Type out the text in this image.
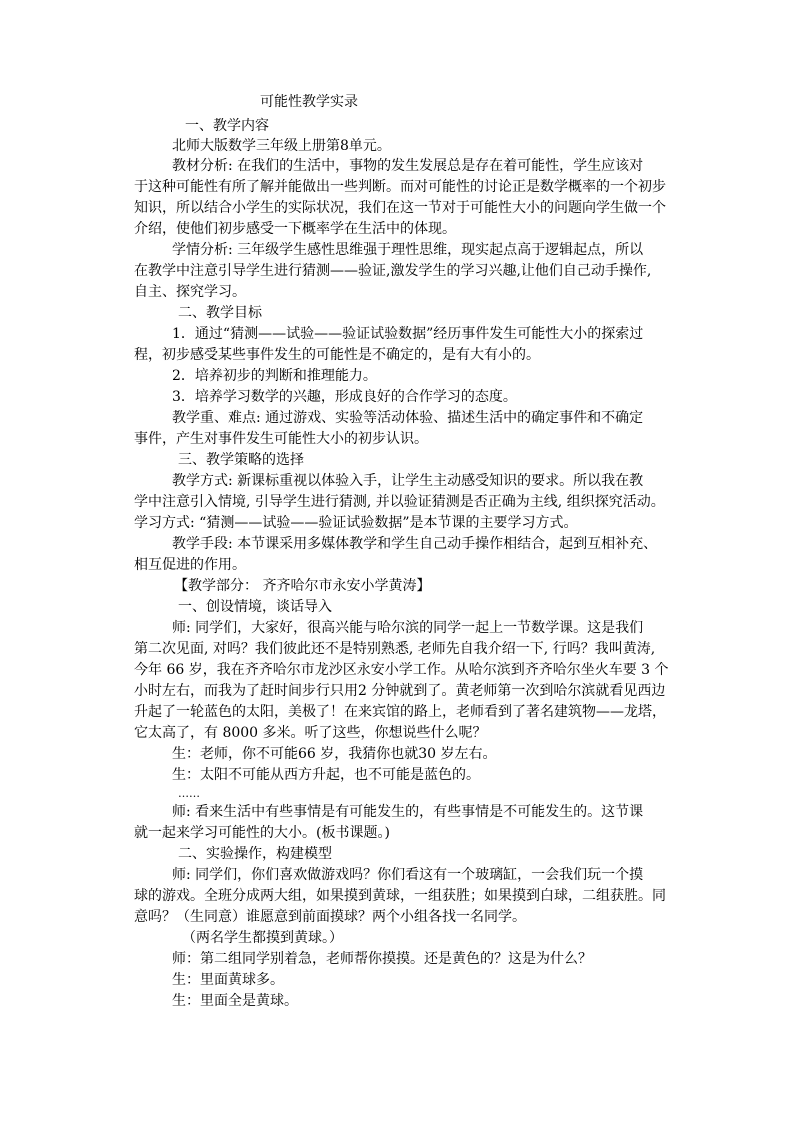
可能性教学实录
一、教学内容
北师大版数学三年级上册第8单元。
教材分析: 在我们的生活中，事物的发生发展总是存在着可能性，学生应该对
于这种可能性有所了解并能做出一些判断。而对可能性的讨论正是数学概率的一个初步
知识，所以结合小学生的实际状况，我们在这一节对于可能性大小的问题向学生做一个
介绍，使他们初步感受一下概率学在生活中的体现。
学情分析: 三年级学生感性思维强于理性思维，现实起点高于逻辑起点，所以
在教学中注意引导学生进行猜测——验证,激发学生的学习兴趣,让他们自己动手操作,
自主、探究学习。
二、教学目标
1．通过“猜测——试验——验证试验数据”经历事件发生可能性大小的探索过
程，初步感受某些事件发生的可能性是不确定的，是有大有小的。
2．培养初步的判断和推理能力。
3．培养学习数学的兴趣，形成良好的合作学习的态度。
教学重、难点: 通过游戏、实验等活动体验、描述生活中的确定事件和不确定
事件，产生对事件发生可能性大小的初步认识。
三、教学策略的选择
教学方式: 新课标重视以体验入手，让学生主动感受知识的要求。所以我在教
学中注意引入情境, 引导学生进行猜测, 并以验证猜测是否正确为主线, 组织探究活动。
学习方式: “猜测——试验——验证试验数据”是本节课的主要学习方式。
教学手段: 本节课采用多媒体教学和学生自己动手操作相结合，起到互相补充、
相互促进的作用。
【教学部分： 齐齐哈尔市永安小学黄涛】
一、创设情境，谈话导入
师: 同学们，大家好，很高兴能与哈尔滨的同学一起上一节数学课。这是我们
第二次见面, 对吗？我们彼此还不是特别熟悉, 老师先自我介绍一下, 行吗？我叫黄涛,
今年 66 岁，我在齐齐哈尔市龙沙区永安小学工作。从哈尔滨到齐齐哈尔坐火车要 3 个
小时左右，而我为了赶时间步行只用2 分钟就到了。黄老师第一次到哈尔滨就看见西边
升起了一轮蓝色的太阳，美极了！在来宾馆的路上，老师看到了著名建筑物——龙塔，
它太高了，有 8000 多米。听了这些，你想说些什么呢？
生：老师，你不可能66 岁，我猜你也就30 岁左右。
生：太阳不可能从西方升起，也不可能是蓝色的。
……
师: 看来生活中有些事情是有可能发生的，有些事情是不可能发生的。这节课
就一起来学习可能性的大小。(板书课题。)
二、实验操作，构建模型
师: 同学们，你们喜欢做游戏吗？你们看这有一个玻璃缸，一会我们玩一个摸
球的游戏。全班分成两大组，如果摸到黄球，一组获胜；如果摸到白球，二组获胜。同
意吗？（生同意）谁愿意到前面摸球？两个小组各找一名同学。
（两名学生都摸到黄球。）
师：第二组同学别着急，老师帮你摸摸。还是黄色的？这是为什么？
生：里面黄球多。
生：里面全是黄球。
